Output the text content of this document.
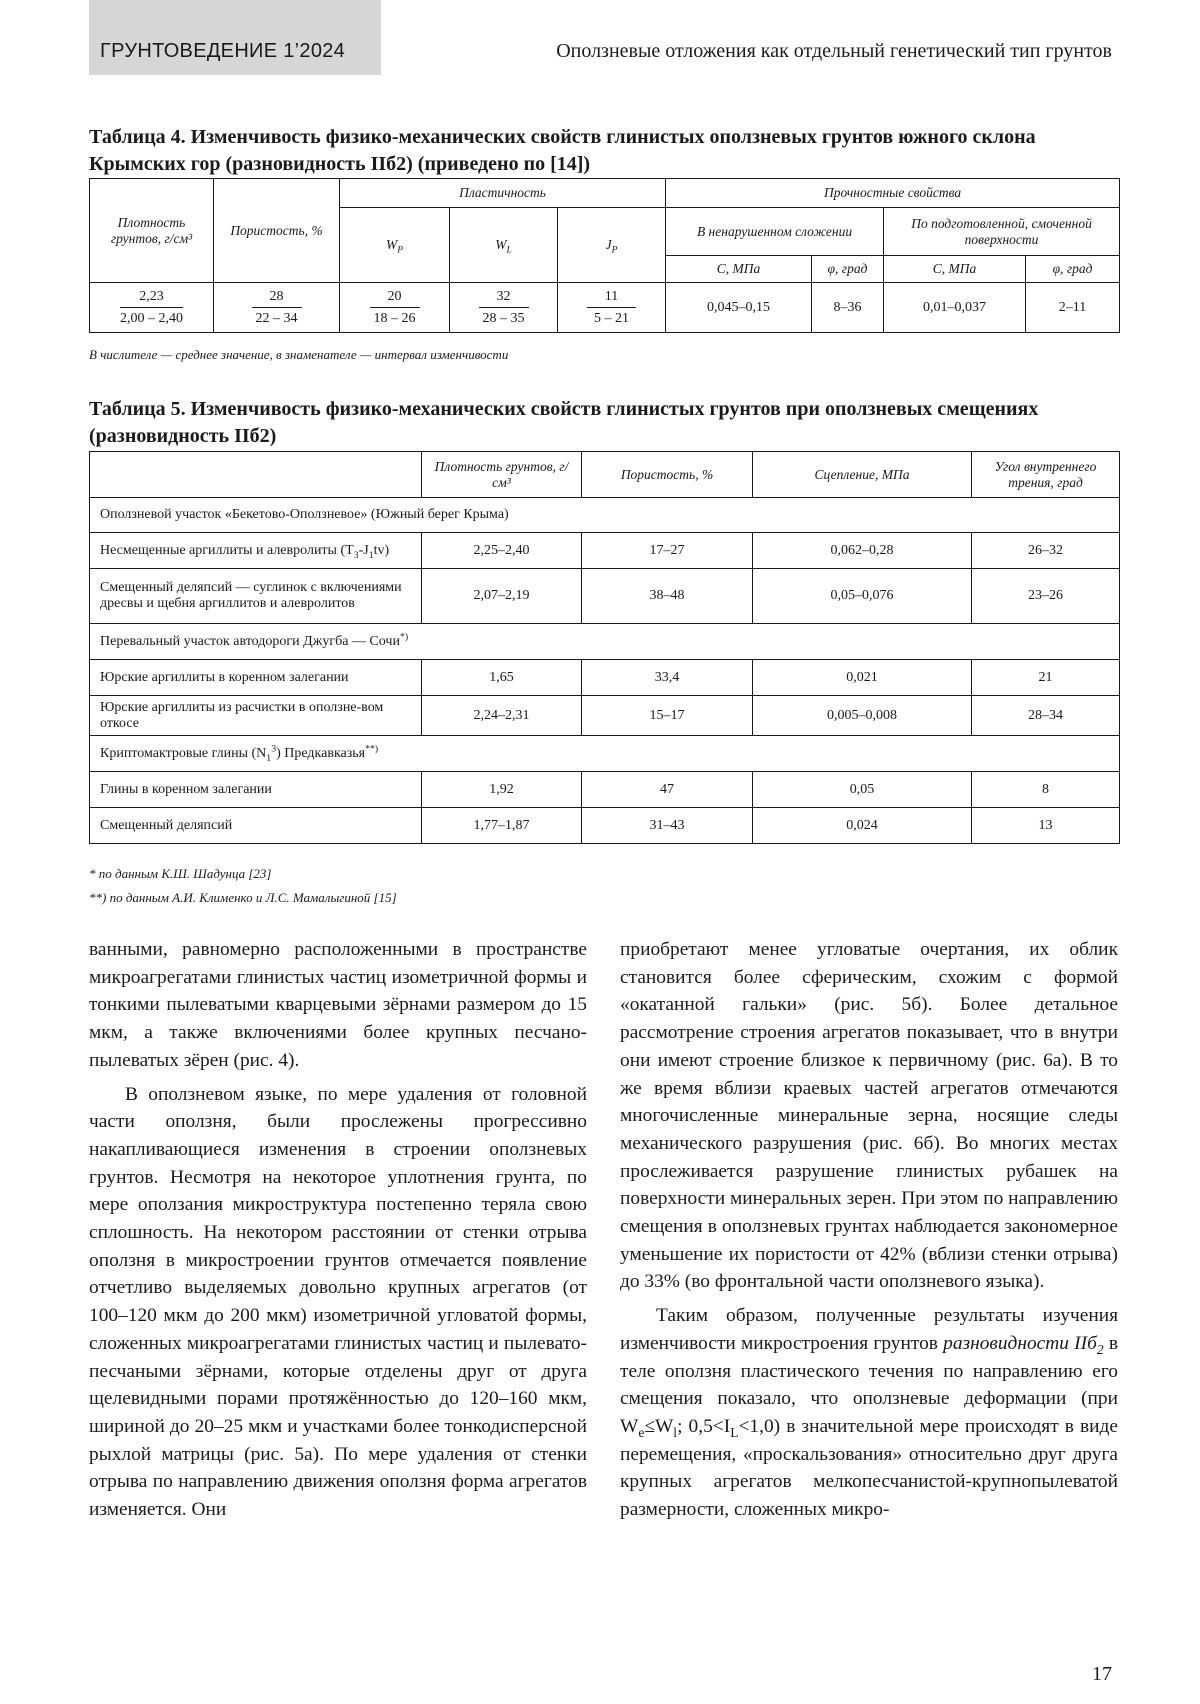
ГРУНТОВЕДЕНИЕ 1’2024	Оползневые отложения как отдельный генетический тип грунтов
Таблица 4. Изменчивость физико-механических свойств глинистых оползневых грунтов южного склона Крымских гор (разновидность IIб2) (приведено по [14])
Плотность грунтов, г/см³	Пористость, %	Пластичность			Прочностные свойства			
		$W_P$	$W_L$	$J_P$	В ненарушенном сложении		По подготовленной, смоченной поверхности	
					С, МПа	φ, град	С, МПа	φ, град

$\frac{2,23}{2,00 - 2,40}$	$\frac{28}{22 - 34}$	$\frac{20}{18 - 26}$	$\frac{32}{28 - 35}$	$\frac{11}{5 - 21}$	0,045–0,15	8–36	0,01–0,037	2–11
В числителе — среднее значение, в знаменателе — интервал изменчивости
Таблица 5. Изменчивость физико-механических свойств глинистых грунтов при оползневых смещениях (разновидность IIб2)
	Плотность грунтов, г/см³	Пористость, %	Сцепление, МПа	Угол внутреннего трения, град
Оползневой участок «Бекетово-Оползневое» (Южный берег Крыма)				
Несмещенные аргиллиты и алевролиты $(T_3-J_1tv)$	2,25–2,40	17–27	0,062–0,28	26–32
Смещенный деляпсий — суглинок с включениями дресвы и щебня аргиллитов и алевролитов	2,07–2,19	38–48	0,05–0,076	23–26
Перевальный участок автодороги Джугба — Сочи*)
Юрские аргиллиты в коренном залегании	1,65	33,4	0,021	21
Юрские аргиллиты из расчистки в оползне-вом откосе	2,24–2,31	15–17	0,005–0,008	28–34
Криптомактровые глины $(N_1^3)$ Предкавказья**)
Глины в коренном залегании	1,92	47	0,05	8
Смещенный деляпсий	1,77–1,87	31–43	0,024	13
* по данным К.Ш. Шадунца [23]
**) по данным А.И. Клименко и Л.С. Мамалыгиной [15]

ванными, равномерно расположенными в пространстве микроагрегатами глинистых частиц изометричной формы и тонкими пылеватыми кварцевыми зёрнами размером до 15 мкм, а также включениями более крупных песчано-пылеватых зёрен (рис. 4).

В оползневом языке, по мере удаления от головной части оползня, были прослежены прогрессивно накапливающиеся изменения в строении оползневых грунтов. Несмотря на некоторое уплотнения грунта, по мере оползания микроструктура постепенно теряла свою сплошность. На некотором расстоянии от стенки отрыва оползня в микростроении грунтов отмечается появление отчетливо выделяемых довольно крупных агрегатов (от 100–120 мкм до 200 мкм) изометричной угловатой формы, сложенных микроагрегатами глинистых частиц и пылевато-песчаными зёрнами, которые отделены друг от друга щелевидными порами протяжённостью до 120–160 мкм, шириной до 20–25 мкм и участками более тонкодисперсной рыхлой матрицы (рис. 5а). По мере удаления от стенки отрыва по направлению движения оползня форма агрегатов изменяется. Они

приобретают менее угловатые очертания, их облик становится более сферическим, схожим с формой «окатанной гальки» (рис. 5б). Более детальное рассмотрение строения агрегатов показывает, что в внутри они имеют строение близкое к первичному (рис. 6а). В то же время вблизи краевых частей агрегатов отмечаются многочисленные минеральные зерна, носящие следы механического разрушения (рис. 6б). Во многих местах прослеживается разрушение глинистых рубашек на поверхности минеральных зерен. При этом по направлению смещения в оползневых грунтах наблюдается закономерное уменьшение их пористости от 42% (вблизи стенки отрыва) до 33% (во фронтальной части оползневого языка).

Таким образом, полученные результаты изучения изменчивости микростроения грунтов разновидности IIб$_2$ в теле оползня пластического течения по направлению его смещения показало, что оползневые деформации (при $W_е\le W_l$; $0,5<I_L<1,0$) в значительной мере происходят в виде перемещения, «проскальзования» относительно друг друга крупных агрегатов мелкопесчанистой-крупнопылеватой размерности, сложенных микро-

17
